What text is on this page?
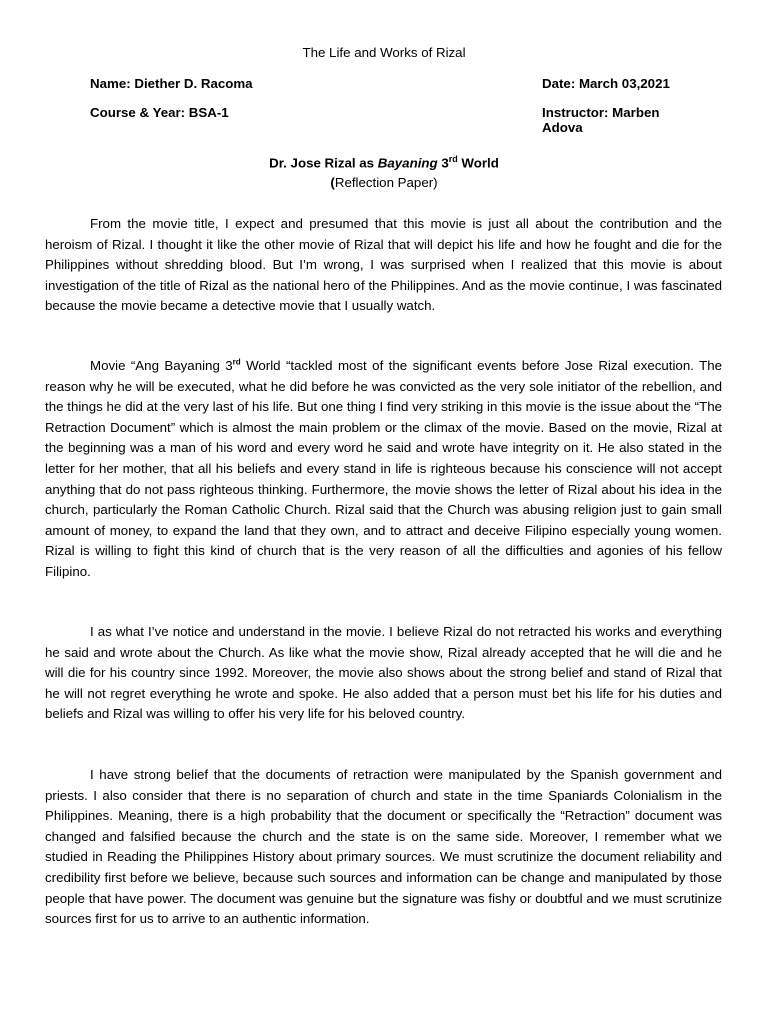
The Life and Works of Rizal
Name: Diether D. Racoma	Date: March 03,2021
Course & Year: BSA-1	Instructor: Marben Adova
Dr. Jose Rizal as Bayaning 3rd World
(Reflection Paper)

From the movie title, I expect and presumed that this movie is just all about the contribution and the heroism of Rizal. I thought it like the other movie of Rizal that will depict his life and how he fought and die for the Philippines without shredding blood. But I’m wrong, I was surprised when I realized that this movie is about investigation of the title of Rizal as the national hero of the Philippines. And as the movie continue, I was fascinated because the movie became a detective movie that I usually watch.

Movie “Ang Bayaning 3rd World “tackled most of the significant events before Jose Rizal execution. The reason why he will be executed, what he did before he was convicted as the very sole initiator of the rebellion, and the things he did at the very last of his life. But one thing I find very striking in this movie is the issue about the “The Retraction Document” which is almost the main problem or the climax of the movie. Based on the movie, Rizal at the beginning was a man of his word and every word he said and wrote have integrity on it. He also stated in the letter for her mother, that all his beliefs and every stand in life is righteous because his conscience will not accept anything that do not pass righteous thinking. Furthermore, the movie shows the letter of Rizal about his idea in the church, particularly the Roman Catholic Church. Rizal said that the Church was abusing religion just to gain small amount of money, to expand the land that they own, and to attract and deceive Filipino especially young women. Rizal is willing to fight this kind of church that is the very reason of all the difficulties and agonies of his fellow Filipino.

I as what I’ve notice and understand in the movie. I believe Rizal do not retracted his works and everything he said and wrote about the Church. As like what the movie show, Rizal already accepted that he will die and he will die for his country since 1992. Moreover, the movie also shows about the strong belief and stand of Rizal that he will not regret everything he wrote and spoke. He also added that a person must bet his life for his duties and beliefs and Rizal was willing to offer his very life for his beloved country.

I have strong belief that the documents of retraction were manipulated by the Spanish government and priests. I also consider that there is no separation of church and state in the time Spaniards Colonialism in the Philippines. Meaning, there is a high probability that the document or specifically the “Retraction” document was changed and falsified because the church and the state is on the same side. Moreover, I remember what we studied in Reading the Philippines History about primary sources. We must scrutinize the document reliability and credibility first before we believe, because such sources and information can be change and manipulated by those people that have power. The document was genuine but the signature was fishy or doubtful and we must scrutinize sources first for us to arrive to an authentic information.
